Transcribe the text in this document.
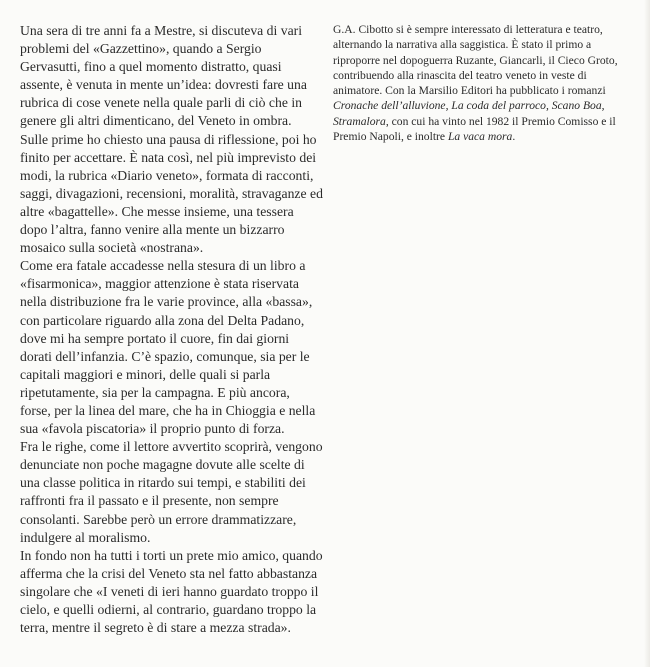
Una sera di tre anni fa a Mestre, si discuteva di vari problemi del «Gazzettino», quando a Sergio Gervasutti, fino a quel momento distratto, quasi assente, è venuta in mente un’idea: dovresti fare una rubrica di cose venete nella quale parli di ciò che in genere gli altri dimenticano, del Veneto in ombra.

Sulle prime ho chiesto una pausa di riflessione, poi ho finito per accettare. È nata così, nel più imprevisto dei modi, la rubrica «Diario veneto», formata di racconti, saggi, divagazioni, recensioni, moralità, stravaganze ed altre «bagattelle». Che messe insieme, una tessera dopo l’altra, fanno venire alla mente un bizzarro mosaico sulla società «nostrana».

Come era fatale accadesse nella stesura di un libro a «fisarmonica», maggior attenzione è stata riservata nella distribuzione fra le varie province, alla «bassa», con particolare riguardo alla zona del Delta Padano, dove mi ha sempre portato il cuore, fin dai giorni dorati dell’infanzia. C’è spazio, comunque, sia per le capitali maggiori e minori, delle quali si parla ripetutamente, sia per la campagna. E più ancora, forse, per la linea del mare, che ha in Chioggia e nella sua «favola piscatoria» il proprio punto di forza.

Fra le righe, come il lettore avvertito scoprirà, vengono denunciate non poche magagne dovute alle scelte di una classe politica in ritardo sui tempi, e stabiliti dei raffronti fra il passato e il presente, non sempre consolanti. Sarebbe però un errore drammatizzare, indulgere al moralismo.

In fondo non ha tutti i torti un prete mio amico, quando afferma che la crisi del Veneto sta nel fatto abbastanza singolare che «I veneti di ieri hanno guardato troppo il cielo, e quelli odierni, al contrario, guardano troppo la terra, mentre il segreto è di stare a mezza strada».

G.A. Cibotto si è sempre interessato di letteratura e teatro, alternando la narrativa alla saggistica. È stato il primo a riproporre nel dopoguerra Ruzante, Giancarli, il Cieco Groto, contribuendo alla rinascita del teatro veneto in veste di animatore. Con la Marsilio Editori ha pubblicato i romanzi Cronache dell’alluvione, La coda del parroco, Scano Boa, Stramalora, con cui ha vinto nel 1982 il Premio Comisso e il Premio Napoli, e inoltre La vaca mora.
